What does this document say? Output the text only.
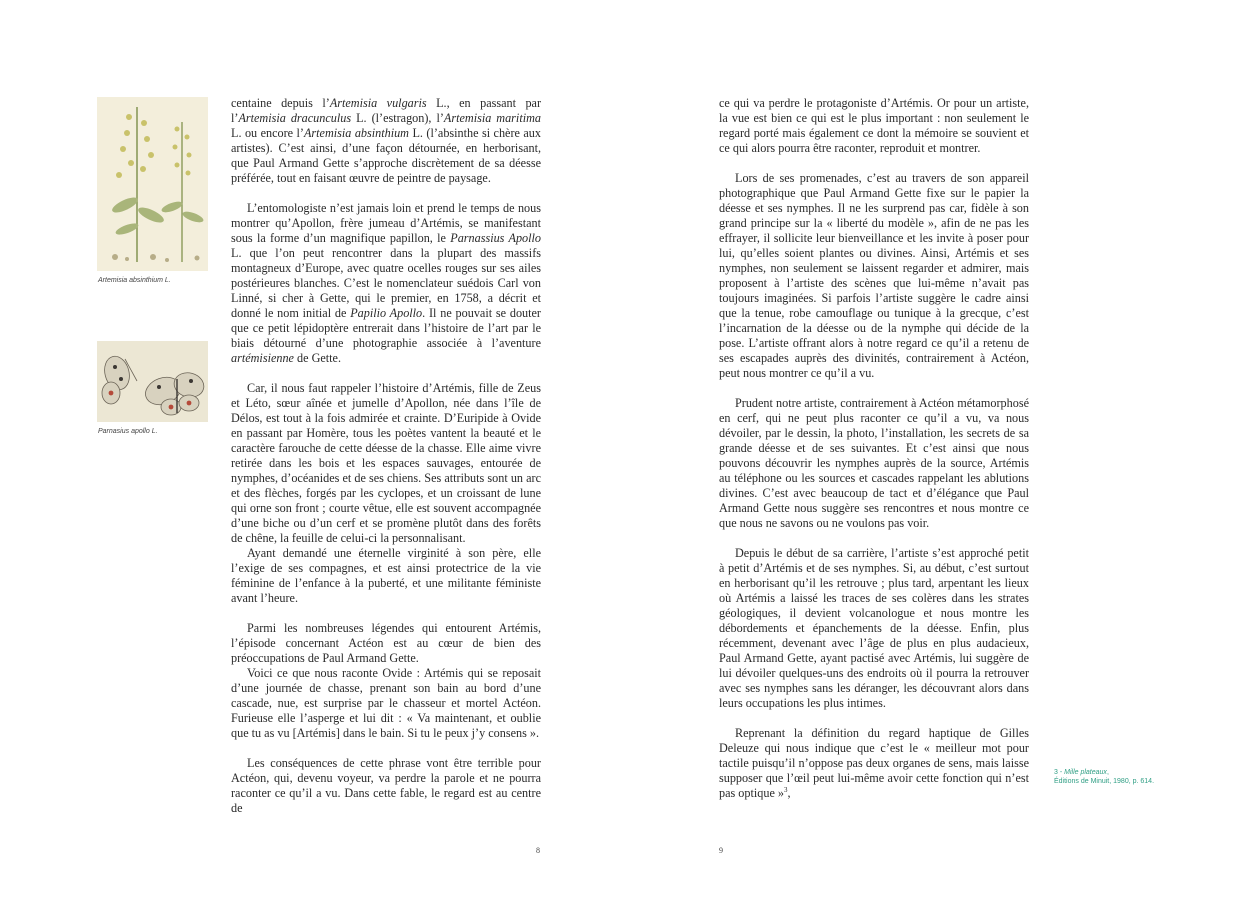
Artemisia absinthium L.
Parnasius apollo L.

centaine depuis l’Artemisia vulgaris L., en passant par l’Artemisia dracunculus L. (l’estragon), l’Artemisia maritima L. ou encore l’Artemisia absinthium L. (l’absinthe si chère aux artistes). C’est ainsi, d’une façon détournée, en herborisant, que Paul Armand Gette s’approche discrètement de sa déesse préférée, tout en faisant œuvre de peintre de paysage.

L’entomologiste n’est jamais loin et prend le temps de nous montrer qu’Apollon, frère jumeau d’Artémis, se manifestant sous la forme d’un magnifique papillon, le Parnassius Apollo L. que l’on peut rencontrer dans la plupart des massifs montagneux d’Europe, avec quatre ocelles rouges sur ses ailes postérieures blanches. C’est le nomenclateur suédois Carl von Linné, si cher à Gette, qui le premier, en 1758, a décrit et donné le nom initial de Papilio Apollo. Il ne pouvait se douter que ce petit lépidoptère entrerait dans l’histoire de l’art par le biais détourné d’une photographie associée à l’aventure artémisienne de Gette.

Car, il nous faut rappeler l’histoire d’Artémis, fille de Zeus et Léto, sœur aînée et jumelle d’Apollon, née dans l’île de Délos, est tout à la fois admirée et crainte. D’Euripide à Ovide en passant par Homère, tous les poètes vantent la beauté et le caractère farouche de cette déesse de la chasse. Elle aime vivre retirée dans les bois et les espaces sauvages, entourée de nymphes, d’océanides et de ses chiens. Ses attributs sont un arc et des flèches, forgés par les cyclopes, et un croissant de lune qui orne son front ; courte vêtue, elle est souvent accompagnée d’une biche ou d’un cerf et se promène plutôt dans des forêts de chêne, la feuille de celui-ci la personnalisant.

Ayant demandé une éternelle virginité à son père, elle l’exige de ses compagnes, et est ainsi protectrice de la vie féminine de l’enfance à la puberté, et une militante féministe avant l’heure.

Parmi les nombreuses légendes qui entourent Artémis, l’épisode concernant Actéon est au cœur de bien des préoccupations de Paul Armand Gette.

Voici ce que nous raconte Ovide : Artémis qui se reposait d’une journée de chasse, prenant son bain au bord d’une cascade, nue, est surprise par le chasseur et mortel Actéon. Furieuse elle l’asperge et lui dit : « Va maintenant, et oublie que tu as vu [Artémis] dans le bain. Si tu le peux j’y consens ».

Les conséquences de cette phrase vont être terrible pour Actéon, qui, devenu voyeur, va perdre la parole et ne pourra raconter ce qu’il a vu. Dans cette fable, le regard est au centre de

8

ce qui va perdre le protagoniste d’Artémis. Or pour un artiste, la vue est bien ce qui est le plus important : non seulement le regard porté mais également ce dont la mémoire se souvient et ce qui alors pourra être raconter, reproduit et montrer.

Lors de ses promenades, c’est au travers de son appareil photographique que Paul Armand Gette fixe sur le papier la déesse et ses nymphes. Il ne les surprend pas car, fidèle à son grand principe sur la « liberté du modèle », afin de ne pas les effrayer, il sollicite leur bienveillance et les invite à poser pour lui, qu’elles soient plantes ou divines. Ainsi, Artémis et ses nymphes, non seulement se laissent regarder et admirer, mais proposent à l’artiste des scènes que lui-même n’avait pas toujours imaginées. Si parfois l’artiste suggère le cadre ainsi que la tenue, robe camouflage ou tunique à la grecque, c’est l’incarnation de la déesse ou de la nymphe qui décide de la pose. L’artiste offrant alors à notre regard ce qu’il a retenu de ses escapades auprès des divinités, contrairement à Actéon, peut nous montrer ce qu’il a vu.

Prudent notre artiste, contrairement à Actéon métamorphosé en cerf, qui ne peut plus raconter ce qu’il a vu, va nous dévoiler, par le dessin, la photo, l’installation, les secrets de sa grande déesse et de ses suivantes. Et c’est ainsi que nous pouvons découvrir les nymphes auprès de la source, Artémis au téléphone ou les sources et cascades rappelant les ablutions divines. C’est avec beaucoup de tact et d’élégance que Paul Armand Gette nous suggère ses rencontres et nous montre ce que nous ne savons ou ne voulons pas voir.

Depuis le début de sa carrière, l’artiste s’est approché petit à petit d’Artémis et de ses nymphes. Si, au début, c’est surtout en herborisant qu’il les retrouve ; plus tard, arpentant les lieux où Artémis a laissé les traces de ses colères dans les strates géologiques, il devient volcanologue et nous montre les débordements et épanchements de la déesse. Enfin, plus récemment, devenant avec l’âge de plus en plus audacieux, Paul Armand Gette, ayant pactisé avec Artémis, lui suggère de lui dévoiler quelques-uns des endroits où il pourra la retrouver avec ses nymphes sans les déranger, les découvrant alors dans leurs occupations les plus intimes.

Reprenant la définition du regard haptique de Gilles Deleuze qui nous indique que c’est le « meilleur mot pour tactile puisqu’il n’oppose pas deux organes de sens, mais laisse supposer que l’œil peut lui-même avoir cette fonction qui n’est pas optique »$^3$,

3 - Mille plateaux,
Éditions de Minuit, 1980, p. 614.
9
